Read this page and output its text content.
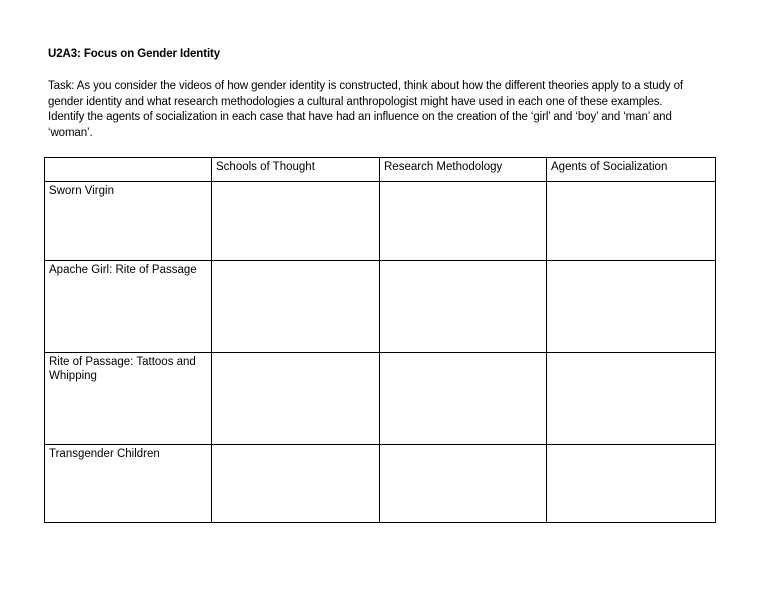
U2A3: Focus on Gender Identity

Task: As you consider the videos of how gender identity is constructed, think about how the different theories apply to a study of

gender identity and what research methodologies a cultural anthropologist might have used in each one of these examples.

Identify the agents of socialization in each case that have had an influence on the creation of the ‘girl’ and ‘boy’ and ‘man’ and

‘woman’.

	Schools of Thought	Research Methodology	Agents of Socialization
Sworn Virgin			
Apache Girl: Rite of Passage			
Rite of Passage: Tattoos and Whipping			
Transgender Children			
